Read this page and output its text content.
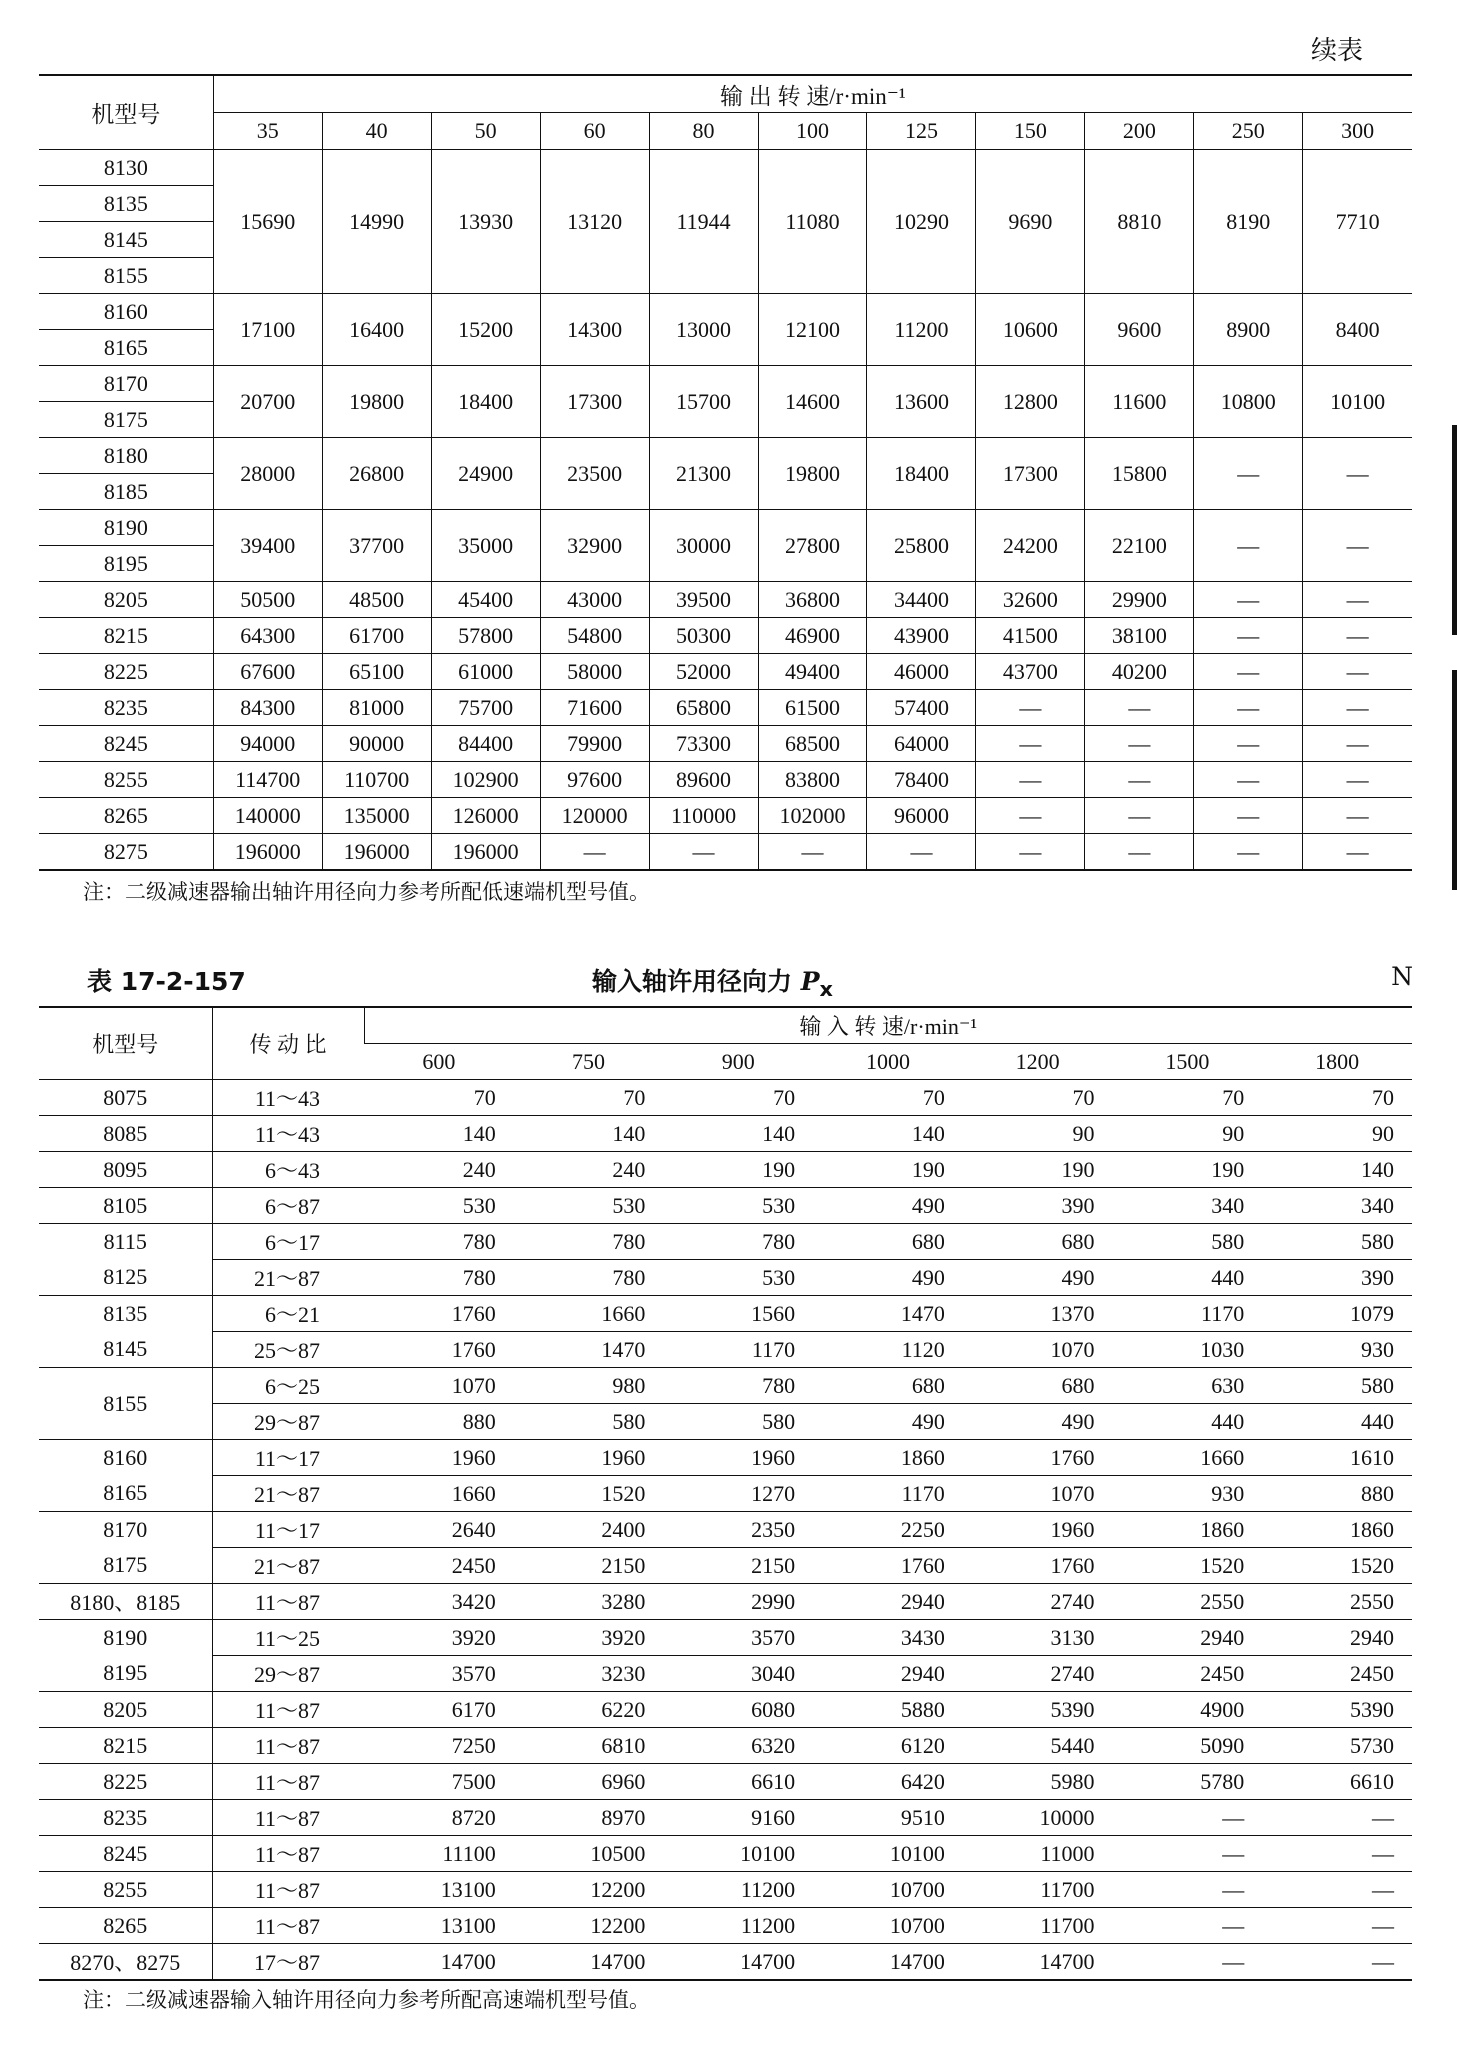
续表
机型号	输 出 转 速/r·min⁻¹										
	35	40	50	60	80	100	125	150	200	250	300
8130	15690	14990	13930	13120	11944	11080	10290	9690	8810	8190	7710
8135											
8145											
8155											
8160	17100	16400	15200	14300	13000	12100	11200	10600	9600	8900	8400
8165											
8170	20700	19800	18400	17300	15700	14600	13600	12800	11600	10800	10100
8175											
8180	28000	26800	24900	23500	21300	19800	18400	17300	15800	—	—
8185											
8190	39400	37700	35000	32900	30000	27800	25800	24200	22100	—	—
8195											
8205	50500	48500	45400	43000	39500	36800	34400	32600	29900	—	—
8215	64300	61700	57800	54800	50300	46900	43900	41500	38100	—	—
8225	67600	65100	61000	58000	52000	49400	46000	43700	40200	—	—
8235	84300	81000	75700	71600	65800	61500	57400	—	—	—	—
8245	94000	90000	84400	79900	73300	68500	64000	—	—	—	—
8255	114700	110700	102900	97600	89600	83800	78400	—	—	—	—
8265	140000	135000	126000	120000	110000	102000	96000	—	—	—	—
8275	196000	196000	196000	—	—	—	—	—	—	—	—
注：二级减速器输出轴许用径向力参考所配低速端机型号值。
表 17-2-157	输入轴许用径向力 $P_x$	N
机型号	传 动 比	输 入 转 速/r·min⁻¹						
		600	750	900	1000	1200	1500	1800
8075	11～43	70	70	70	70	70	70	70
8085	11～43	140	140	140	140	90	90	90
8095	6～43	240	240	190	190	190	190	140
8105	6～87	530	530	530	490	390	340	340
8115	6～17	780	780	780	680	680	580	580
8125	21～87	780	780	530	490	490	440	390
8135	6～21	1760	1660	1560	1470	1370	1170	1079
8145	25～87	1760	1470	1170	1120	1070	1030	930
8155	6～25	1070	980	780	680	680	630	580
	29～87	880	580	580	490	490	440	440
8160	11～17	1960	1960	1960	1860	1760	1660	1610
8165	21～87	1660	1520	1270	1170	1070	930	880
8170	11～17	2640	2400	2350	2250	1960	1860	1860
8175	21～87	2450	2150	2150	1760	1760	1520	1520
8180、8185	11～87	3420	3280	2990	2940	2740	2550	2550
8190	11～25	3920	3920	3570	3430	3130	2940	2940
8195	29～87	3570	3230	3040	2940	2740	2450	2450
8205	11～87	6170	6220	6080	5880	5390	4900	5390
8215	11～87	7250	6810	6320	6120	5440	5090	5730
8225	11～87	7500	6960	6610	6420	5980	5780	6610
8235	11～87	8720	8970	9160	9510	10000	—	—
8245	11～87	11100	10500	10100	10100	11000	—	—
8255	11～87	13100	12200	11200	10700	11700	—	—
8265	11～87	13100	12200	11200	10700	11700	—	—
8270、8275	17～87	14700	14700	14700	14700	14700	—	—
注：二级减速器输入轴许用径向力参考所配高速端机型号值。
